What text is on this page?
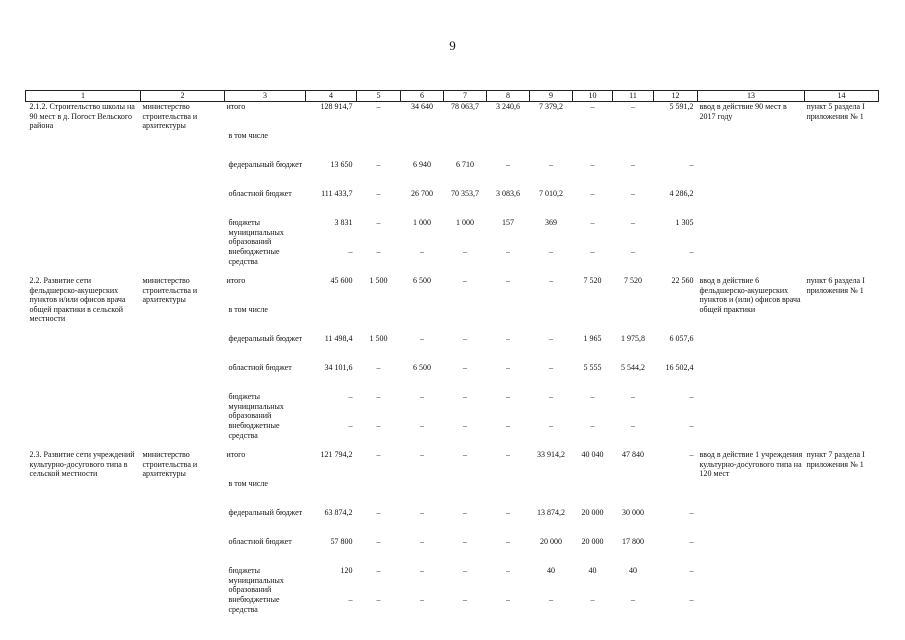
9
1	2	3	4	5	6	7	8	9	10	11	12	13	14
2.1.2. Строительство школы на 90 мест в д. Погост Вельского района	министерство строительства и архитектуры	итого	128 914,7	–	34 640	78 063,7	3 240,6	7 379,2	–	–	5 591,2	ввод в действие 90 мест в 2017 году	пункт 5 раздела I приложения № 1
		в том числе											
		федеральный бюджет	13 650	–	6 940	6 710	–	–	–	–	–		
		областной бюджет	111 433,7	–	26 700	70 353,7	3 083,6	7 010,2	–	–	4 286,2		
		бюджеты муниципальных образований	3 831	–	1 000	1 000	157	369	–	–	1 305		
		внебюджетные средства	–	–	–	–	–	–	–	–	–		
2.2. Развитие сети фельдшерско-акушерских пунктов и/или офисов врача общей практики в сельской местности	министерство строительства и архитектуры	итого	45 600	1 500	6 500	–	–	–	7 520	7 520	22 560	ввод в действие 6 фельдшерско-акушерских пунктов и (или) офисов врача общей практики	пункт 6 раздела I приложения № 1
		в том числе											
		федеральный бюджет	11 498,4	1 500	–	–	–	–	1 965	1 975,8	6 057,6		
		областной бюджет	34 101,6	–	6 500	–	–	–	5 555	5 544,2	16 502,4		
		бюджеты муниципальных образований	–	–	–	–	–	–	–	–	–		
		внебюджетные средства	–	–	–	–	–	–	–	–	–		
2.3. Развитие сети учреждений культурно-досугового типа в сельской местности	министерство строительства и архитектуры	итого	121 794,2	–	–	–	–	33 914,2	40 040	47 840	–	ввод в действие 1 учреждения культурно-досугового типа на 120 мест	пункт 7 раздела I приложения № 1
		в том числе											
		федеральный бюджет	63 874,2	–	–	–	–	13 874,2	20 000	30 000	–		
		областной бюджет	57 800	–	–	–	–	20 000	20 000	17 800	–		
		бюджеты муниципальных образований	120	–	–	–	–	40	40	40	–		
		внебюджетные средства	–	–	–	–	–	–	–	–	–		
